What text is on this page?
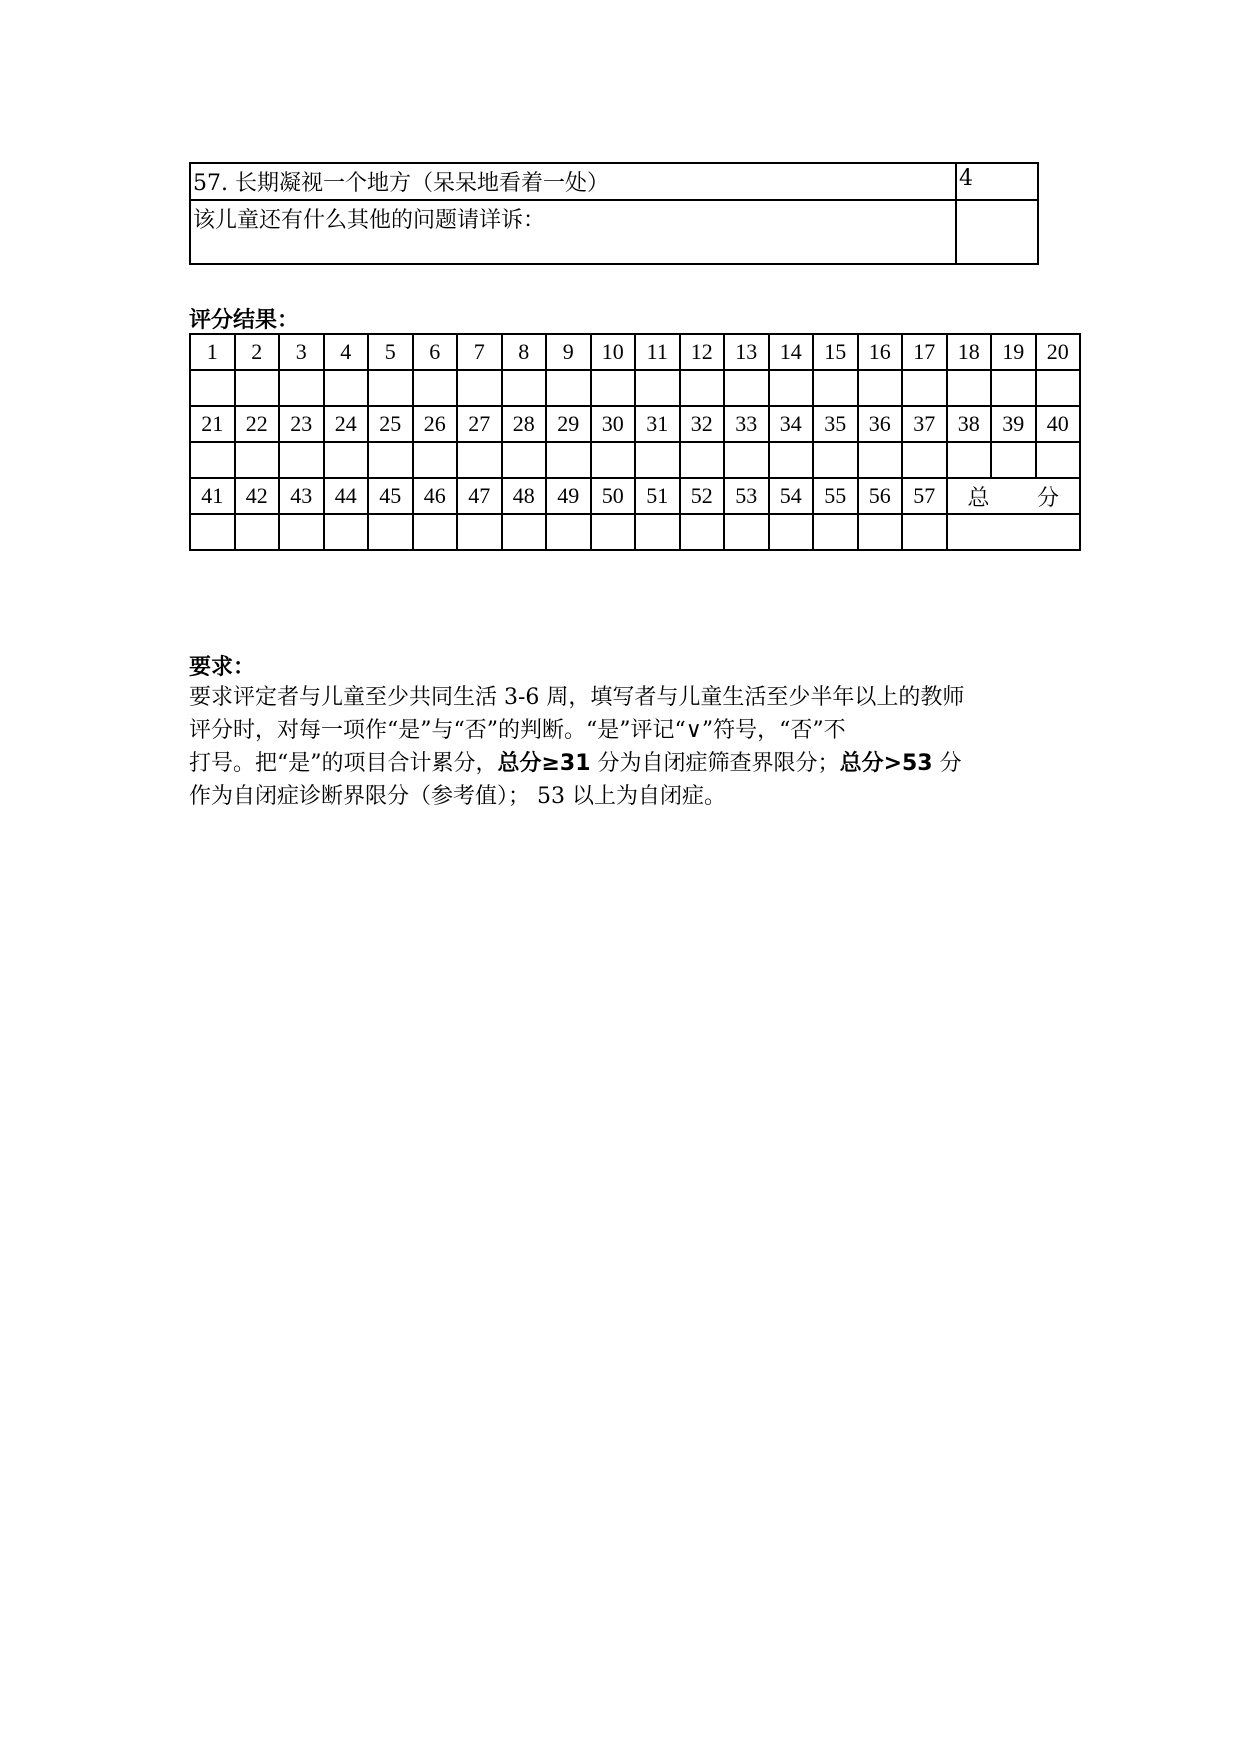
57. 长期凝视一个地方（呆呆地看着一处）	4
该儿童还有什么其他的问题请详诉：	
评分结果：
1	2	3	4	5	6	7	8	9	10	11	12	13	14	15	16	17	18	19	20

21	22	23	24	25	26	27	28	29	30	31	32	33	34	35	36	37	38	39	40

41	42	43	44	45	46	47	48	49	50	51	52	53	54	55	56	57	总 分		

要求：
要求评定者与儿童至少共同生活 3-6 周，填写者与儿童生活至少半年以上的教师
评分时，对每一项作“是”与“否”的判断。“是”评记“∨”符号，“否”不
打号。把“是”的项目合计累分，总分≥31 分为自闭症筛查界限分；总分>53 分
作为自闭症诊断界限分（参考值）； 53 以上为自闭症。
